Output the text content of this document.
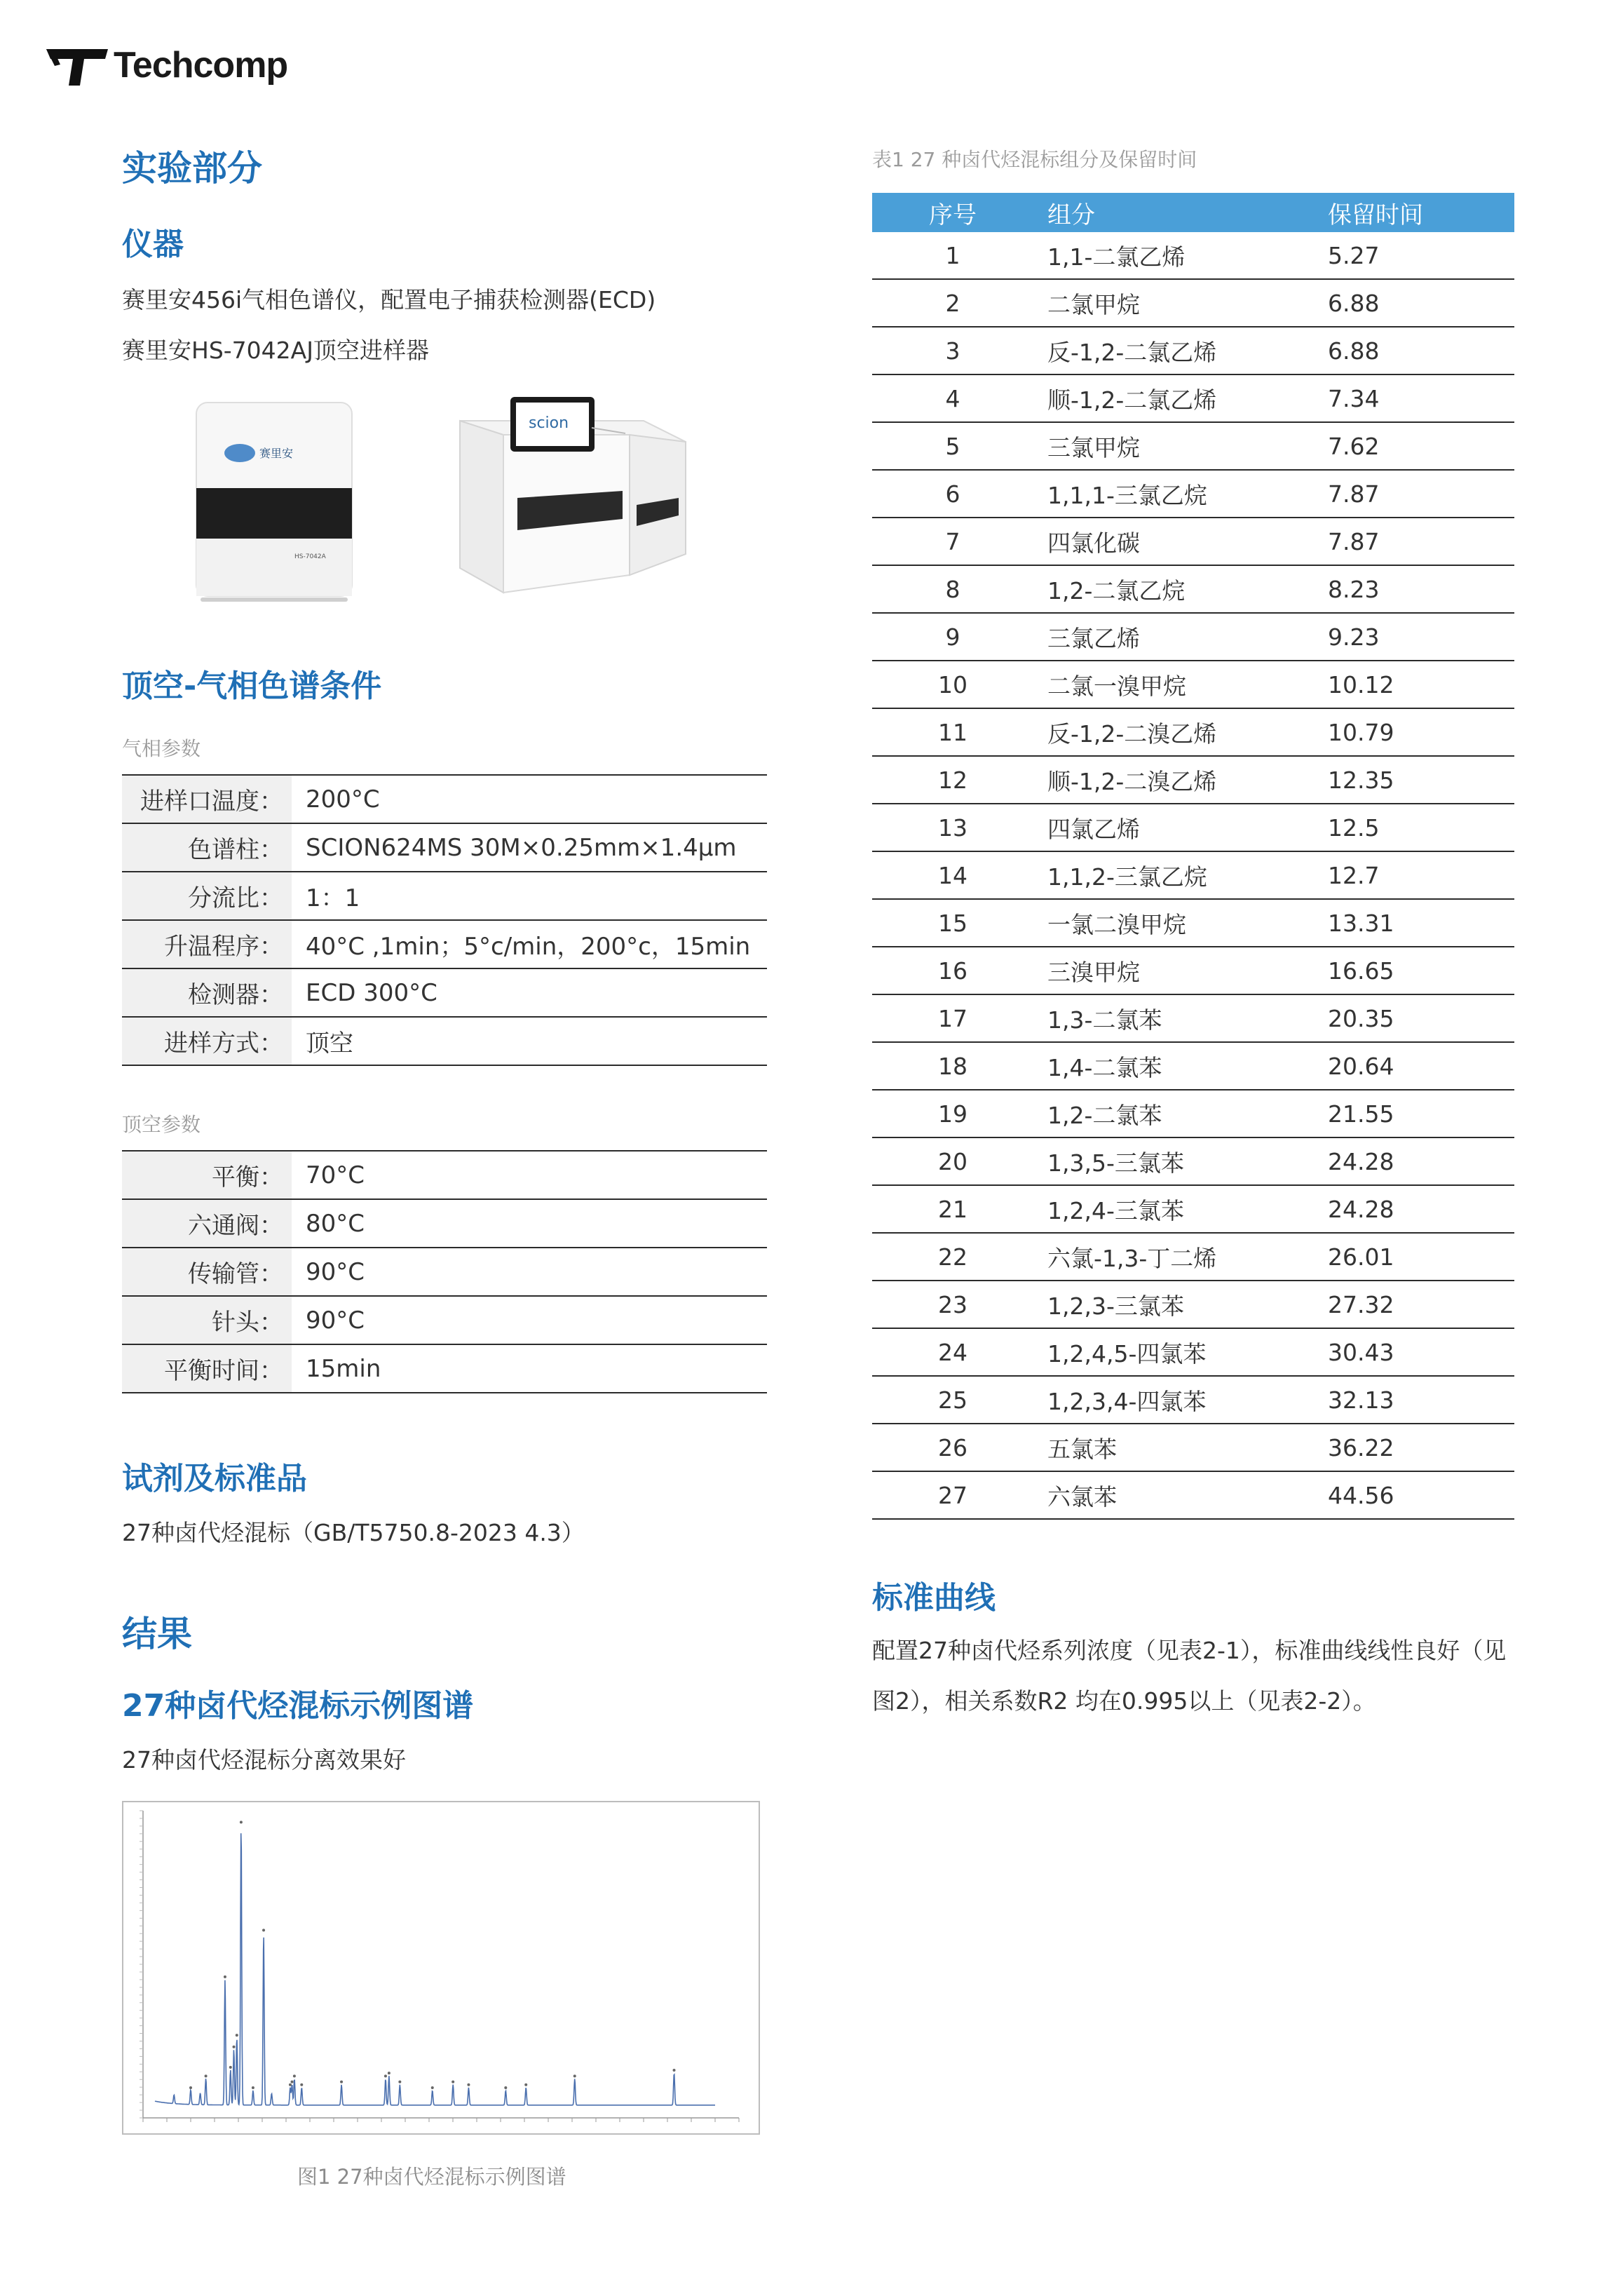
Techcomp
实验部分
仪器
赛里安456i气相色谱仪，配置电子捕获检测器(ECD)
赛里安HS-7042AJ顶空进样器
赛里安
HS-7042A
scion
顶空-气相色谱条件
气相参数
进样口温度：	200°C
色谱柱：	SCION624MS 30M×0.25mm×1.4μm
分流比：	1：1
升温程序：	40°C ,1min；5°c/min，200°c，15min
检测器：	ECD 300°C
进样方式：	顶空
顶空参数
平衡：	70°C
六通阀：	80°C
传输管：	90°C
针头：	90°C
平衡时间：	15min
试剂及标准品
27种卤代烃混标（GB/T5750.8-2023 4.3）
结果
27种卤代烃混标示例图谱
27种卤代烃混标分离效果好
图1 27种卤代烃混标示例图谱
表1 27 种卤代烃混标组分及保留时间
序号	组分	保留时间
1	1,1-二氯乙烯	5.27
2	二氯甲烷	6.88
3	反-1,2-二氯乙烯	6.88
4	顺-1,2-二氯乙烯	7.34
5	三氯甲烷	7.62
6	1,1,1-三氯乙烷	7.87
7	四氯化碳	7.87
8	1,2-二氯乙烷	8.23
9	三氯乙烯	9.23
10	二氯一溴甲烷	10.12
11	反-1,2-二溴乙烯	10.79
12	顺-1,2-二溴乙烯	12.35
13	四氯乙烯	12.5
14	1,1,2-三氯乙烷	12.7
15	一氯二溴甲烷	13.31
16	三溴甲烷	16.65
17	1,3-二氯苯	20.35
18	1,4-二氯苯	20.64
19	1,2-二氯苯	21.55
20	1,3,5-三氯苯	24.28
21	1,2,4-三氯苯	24.28
22	六氯-1,3-丁二烯	26.01
23	1,2,3-三氯苯	27.32
24	1,2,4,5-四氯苯	30.43
25	1,2,3,4-四氯苯	32.13
26	五氯苯	36.22
27	六氯苯	44.56
标准曲线
配置27种卤代烃系列浓度（见表2-1），标准曲线线性良好（见
图2），相关系数R2 均在0.995以上（见表2-2）。
